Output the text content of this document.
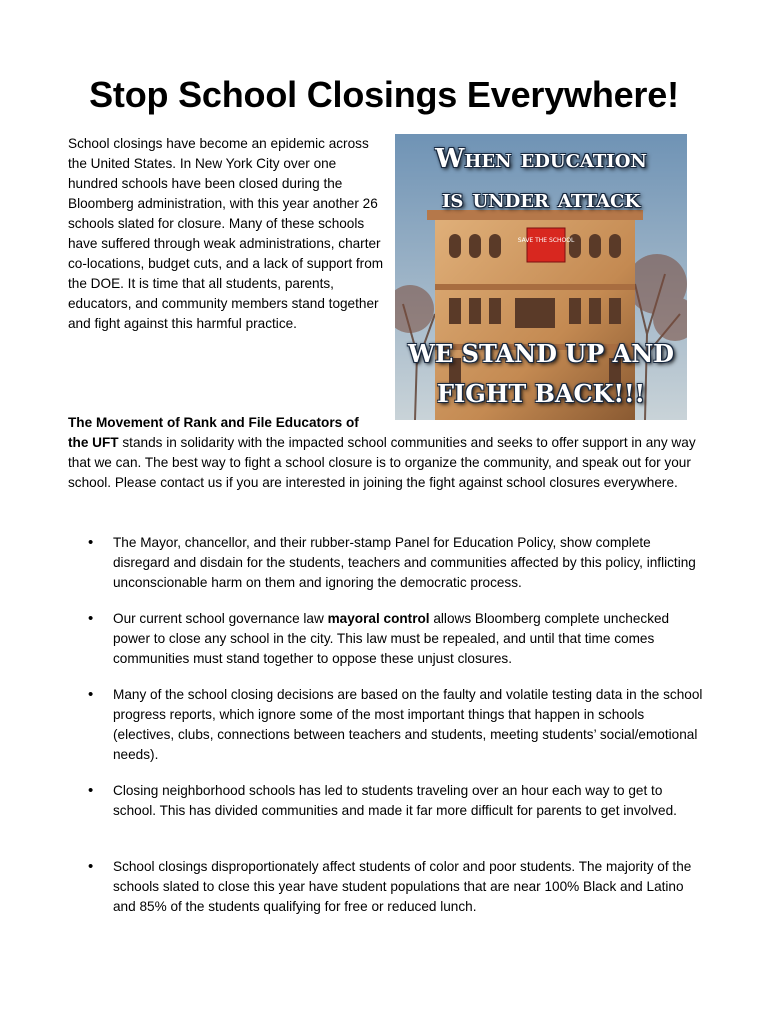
Stop School Closings Everywhere!

School closings have become an epidemic across the United States. In New York City over one hundred schools have been closed during the Bloomberg administration, with this year another 26 schools slated for closure. Many of these schools have suffered through weak administrations, charter co-locations, budget cuts, and a lack of support from the DOE. It is time that all students, parents, educators, and community members stand together and fight against this harmful practice.

SAVE THE SCHOOL
When education
is under attack
WE STAND UP AND
FIGHT BACK!!!

The Movement of Rank and File Educators of
the UFT stands in solidarity with the impacted school communities and seeks to offer support in any way that we can. The best way to fight a school closure is to organize the community, and speak out for your school. Please contact us if you are interested in joining the fight against school closures everywhere.

• The Mayor, chancellor, and their rubber-stamp Panel for Education Policy, show complete disregard and disdain for the students, teachers and communities affected by this policy, inflicting unconscionable harm on them and ignoring the democratic process.
• Our current school governance law mayoral control allows Bloomberg complete unchecked power to close any school in the city. This law must be repealed, and until that time comes communities must stand together to oppose these unjust closures.
• Many of the school closing decisions are based on the faulty and volatile testing data in the school progress reports, which ignore some of the most important things that happen in schools (electives, clubs, connections between teachers and students, meeting students’ social/emotional needs).
• Closing neighborhood schools has led to students traveling over an hour each way to get to school. This has divided communities and made it far more difficult for parents to get involved.
• School closings disproportionately affect students of color and poor students. The majority of the schools slated to close this year have student populations that are near 100% Black and Latino and 85% of the students qualifying for free or reduced lunch.
